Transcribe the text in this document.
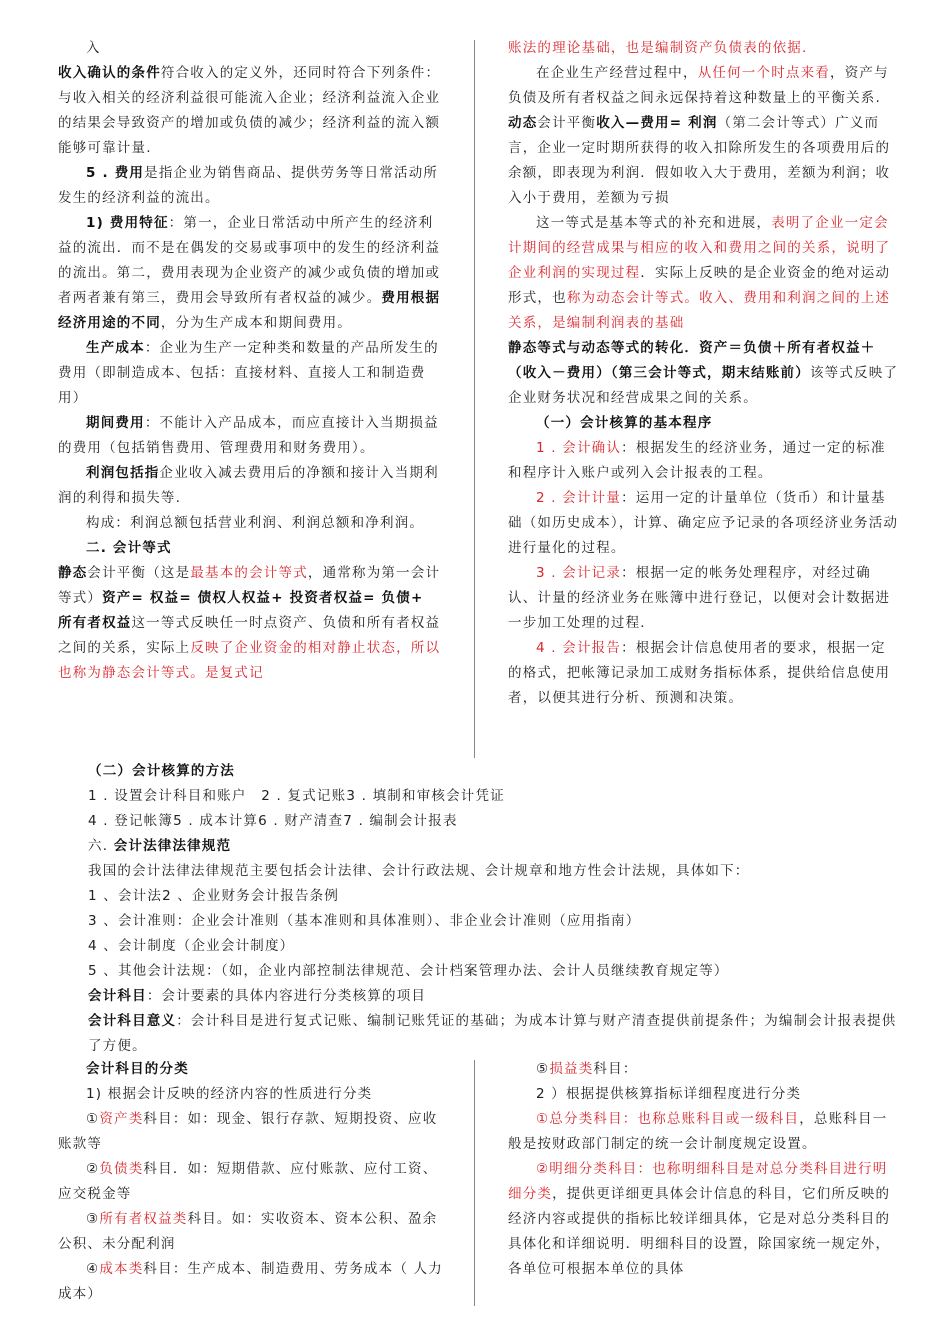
入

收入确认的条件符合收入的定义外，还同时符合下列条件：与收入相关的经济利益很可能流入企业；经济利益流入企业的结果会导致资产的增加或负债的减少；经济利益的流入额能够可靠计量.

5 . 费用是指企业为销售商品、提供劳务等日常活动所发生的经济利益的流出。

1) 费用特征：第一，企业日常活动中所产生的经济利益的流出．而不是在偶发的交易或事项中的发生的经济利益的流出。第二，费用表现为企业资产的减少或负债的增加或者两者兼有第三，费用会导致所有者权益的减少。费用根据经济用途的不同，分为生产成本和期间费用。

生产成本：企业为生产一定种类和数量的产品所发生的费用（即制造成本、包括：直接材料、直接人工和制造费用）

期间费用：不能计入产品成本，而应直接计入当期损益的费用（包括销售费用、管理费用和财务费用）。

利润包括指企业收入减去费用后的净额和接计入当期利润的利得和损失等.

构成：利润总额包括营业利润、利润总额和净利润。

二. 会计等式

静态会计平衡（这是最基本的会计等式，通常称为第一会计等式）资产= 权益= 债权人权益+ 投资者权益= 负债+ 所有者权益这一等式反映任一时点资产、负债和所有者权益之间的关系，实际上反映了企业资金的相对静止状态，所以也称为静态会计等式。是复式记

账法的理论基础，也是编制资产负债表的依据.

在企业生产经营过程中，从任何一个时点来看，资产与负债及所有者权益之间永远保持着这种数量上的平衡关系.

动态会计平衡收入—费用= 利润（第二会计等式）广义而言，企业一定时期所获得的收入扣除所发生的各项费用后的余额，即表现为利润．假如收入大于费用，差额为利润；收入小于费用，差额为亏损

这一等式是基本等式的补充和进展，表明了企业一定会计期间的经营成果与相应的收入和费用之间的关系，说明了企业利润的实现过程．实际上反映的是企业资金的绝对运动形式，也称为动态会计等式。收入、费用和利润之间的上述关系，是编制利润表的基础

静态等式与动态等式的转化．资产＝负债＋所有者权益＋（收入－费用）（第三会计等式，期末结账前）该等式反映了企业财务状况和经营成果之间的关系。

（一）会计核算的基本程序

1 . 会计确认：根据发生的经济业务，通过一定的标准和程序计入账户或列入会计报表的工程。

2 . 会计计量：运用一定的计量单位（货币）和计量基础（如历史成本），计算、确定应予记录的各项经济业务活动进行量化的过程。

3 . 会计记录：根据一定的帐务处理程序，对经过确认、计量的经济业务在账簿中进行登记，以便对会计数据进一步加工处理的过程.

4 . 会计报告：根据会计信息使用者的要求，根据一定的格式，把帐簿记录加工成财务指标体系，提供给信息使用者，以便其进行分析、预测和决策。

（二）会计核算的方法

1 . 设置会计科目和账户　2 . 复式记账3 . 填制和审核会计凭证

4 . 登记帐簿5 . 成本计算6 . 财产清查7 . 编制会计报表

六. 会计法律法律规范

我国的会计法律法律规范主要包括会计法律、会计行政法规、会计规章和地方性会计法规，具体如下：

1 、会计法2 、企业财务会计报告条例

3 、会计准则：企业会计准则（基本准则和具体准则）、非企业会计准则（应用指南）

4 、会计制度（企业会计制度）

5 、其他会计法规：（如，企业内部控制法律规范、会计档案管理办法、会计人员继续教育规定等）

会计科目：会计要素的具体内容进行分类核算的项目

会计科目意义：会计科目是进行复式记账、编制记账凭证的基础；为成本计算与财产清查提供前提条件；为编制会计报表提供了方便。

会计科目的分类

1) 根据会计反映的经济内容的性质进行分类

①资产类科目：如：现金、银行存款、短期投资、应收账款等

②负债类科目．如：短期借款、应付账款、应付工资、应交税金等

③所有者权益类科目。如：实收资本、资本公积、盈余公积、未分配利润

④成本类科目：生产成本、制造费用、劳务成本（ 人力成本）

⑤损益类科目：

2 ）根据提供核算指标详细程度进行分类

①总分类科目：也称总账科目或一级科目，总账科目一般是按财政部门制定的统一会计制度规定设置。

②明细分类科目：也称明细科目是对总分类科目进行明细分类，提供更详细更具体会计信息的科目，它们所反映的经济内容或提供的指标比较详细具体，它是对总分类科目的具体化和详细说明．明细科目的设置，除国家统一规定外，各单位可根据本单位的具体
